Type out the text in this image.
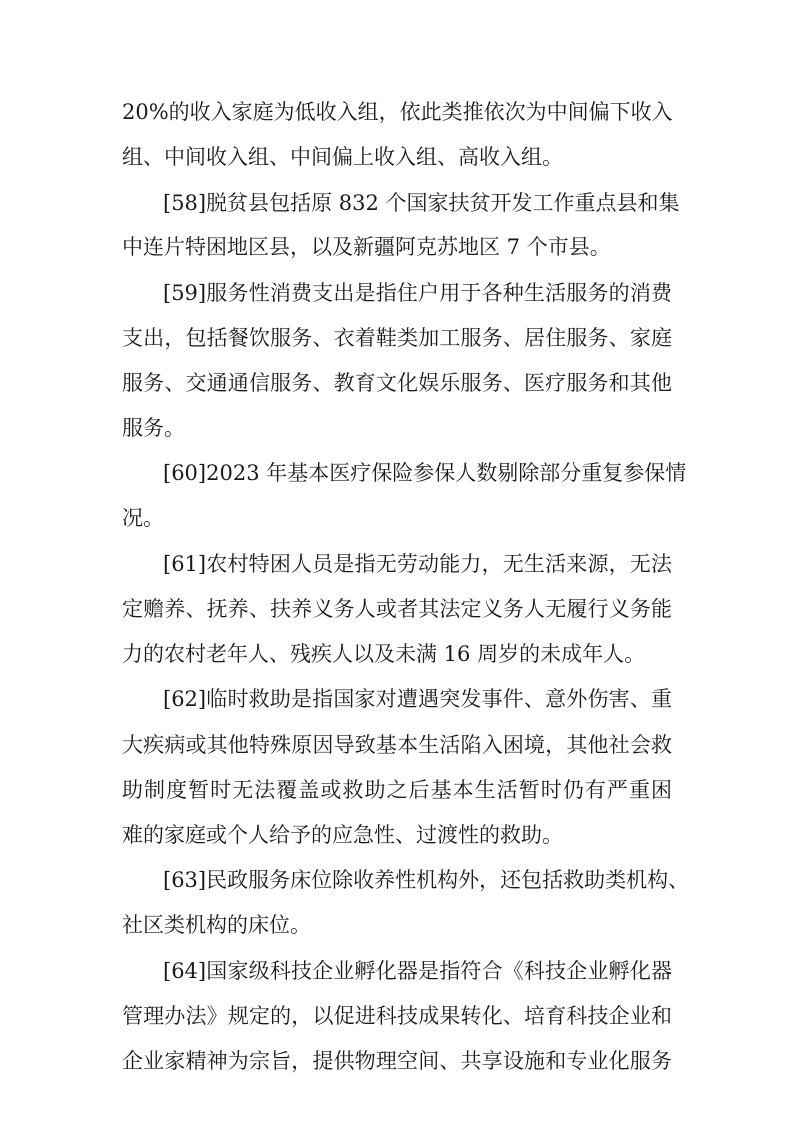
20%的收入家庭为低收入组，依此类推依次为中间偏下收入
组、中间收入组、中间偏上收入组、高收入组。
[58]脱贫县包括原 832 个国家扶贫开发工作重点县和集
中连片特困地区县，以及新疆阿克苏地区 7 个市县。
[59]服务性消费支出是指住户用于各种生活服务的消费
支出，包括餐饮服务、衣着鞋类加工服务、居住服务、家庭
服务、交通通信服务、教育文化娱乐服务、医疗服务和其他
服务。
[60]2023 年基本医疗保险参保人数剔除部分重复参保情
况。
[61]农村特困人员是指无劳动能力，无生活来源，无法
定赡养、抚养、扶养义务人或者其法定义务人无履行义务能
力的农村老年人、残疾人以及未满 16 周岁的未成年人。
[62]临时救助是指国家对遭遇突发事件、意外伤害、重
大疾病或其他特殊原因导致基本生活陷入困境，其他社会救
助制度暂时无法覆盖或救助之后基本生活暂时仍有严重困
难的家庭或个人给予的应急性、过渡性的救助。
[63]民政服务床位除收养性机构外，还包括救助类机构、
社区类机构的床位。
[64]国家级科技企业孵化器是指符合《科技企业孵化器
管理办法》规定的，以促进科技成果转化、培育科技企业和
企业家精神为宗旨，提供物理空间、共享设施和专业化服务
